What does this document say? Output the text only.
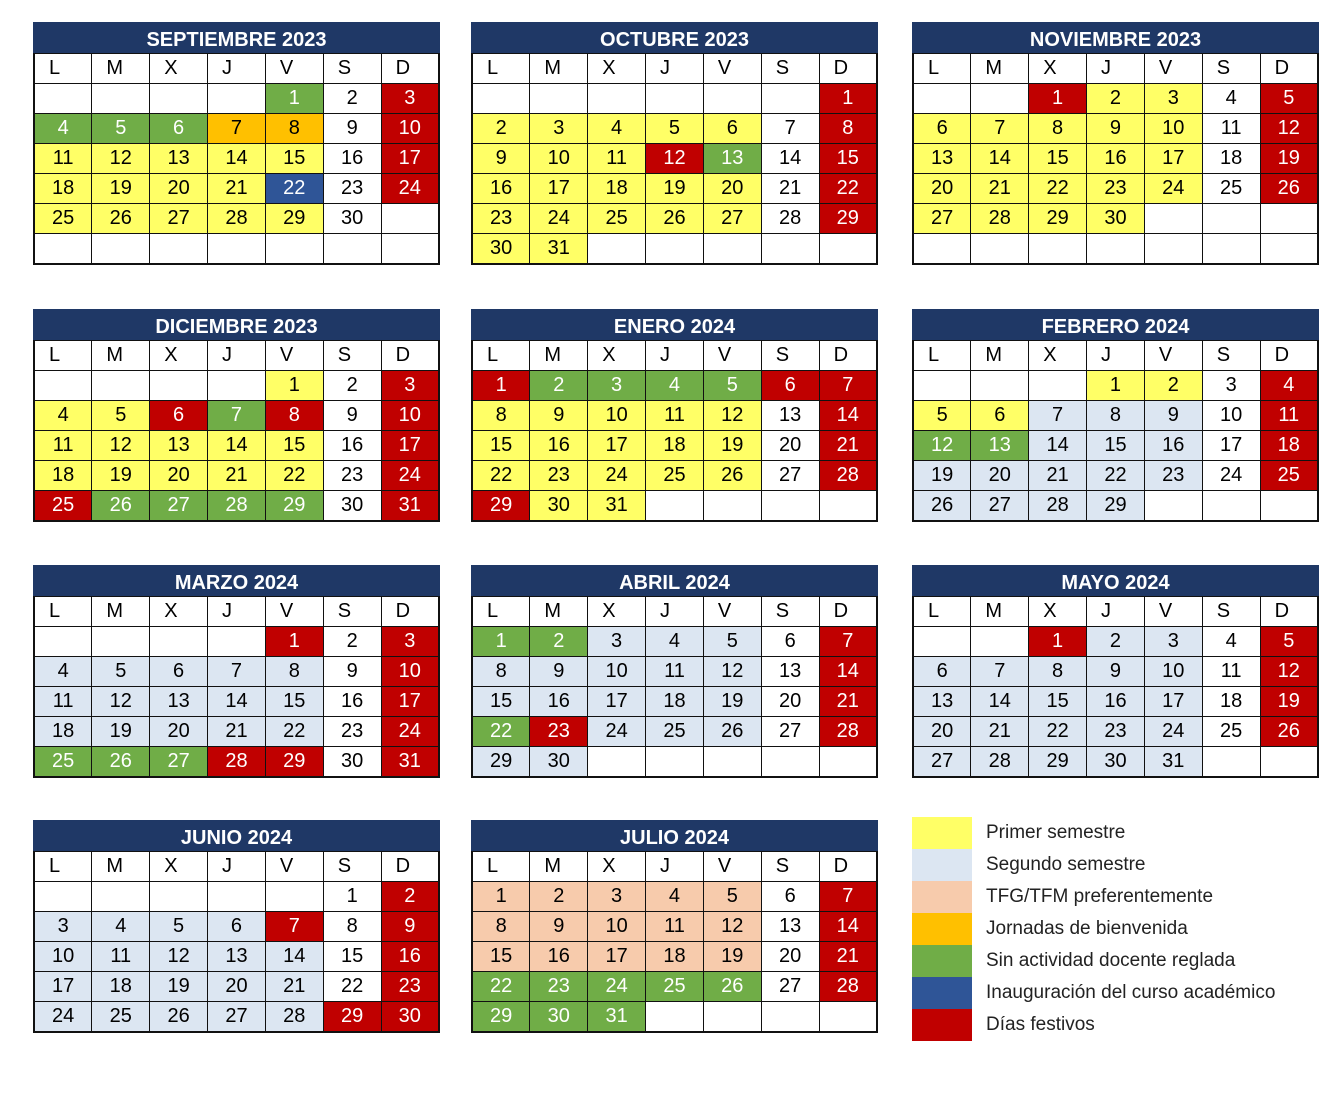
SEPTIEMBRE 2023
L	M	X	J	V	S	D
				1	2	3
4	5	6	7	8	9	10
11	12	13	14	15	16	17
18	19	20	21	22	23	24
25	26	27	28	29	30	

OCTUBRE 2023
L	M	X	J	V	S	D
						1
2	3	4	5	6	7	8
9	10	11	12	13	14	15
16	17	18	19	20	21	22
23	24	25	26	27	28	29
30	31					
NOVIEMBRE 2023
L	M	X	J	V	S	D
		1	2	3	4	5
6	7	8	9	10	11	12
13	14	15	16	17	18	19
20	21	22	23	24	25	26
27	28	29	30			

DICIEMBRE 2023
L	M	X	J	V	S	D
				1	2	3
4	5	6	7	8	9	10
11	12	13	14	15	16	17
18	19	20	21	22	23	24
25	26	27	28	29	30	31
ENERO 2024
L	M	X	J	V	S	D
1	2	3	4	5	6	7
8	9	10	11	12	13	14
15	16	17	18	19	20	21
22	23	24	25	26	27	28
29	30	31				
FEBRERO 2024
L	M	X	J	V	S	D
			1	2	3	4
5	6	7	8	9	10	11
12	13	14	15	16	17	18
19	20	21	22	23	24	25
26	27	28	29			
MARZO 2024
L	M	X	J	V	S	D
				1	2	3
4	5	6	7	8	9	10
11	12	13	14	15	16	17
18	19	20	21	22	23	24
25	26	27	28	29	30	31
ABRIL 2024
L	M	X	J	V	S	D
1	2	3	4	5	6	7
8	9	10	11	12	13	14
15	16	17	18	19	20	21
22	23	24	25	26	27	28
29	30					
MAYO 2024
L	M	X	J	V	S	D
		1	2	3	4	5
6	7	8	9	10	11	12
13	14	15	16	17	18	19
20	21	22	23	24	25	26
27	28	29	30	31		
JUNIO 2024
L	M	X	J	V	S	D
					1	2
3	4	5	6	7	8	9
10	11	12	13	14	15	16
17	18	19	20	21	22	23
24	25	26	27	28	29	30
JULIO 2024
L	M	X	J	V	S	D
1	2	3	4	5	6	7
8	9	10	11	12	13	14
15	16	17	18	19	20	21
22	23	24	25	26	27	28
29	30	31				
Primer semestre
Segundo semestre
TFG/TFM preferentemente
Jornadas de bienvenida
Sin actividad docente reglada
Inauguración del curso académico
Días festivos
